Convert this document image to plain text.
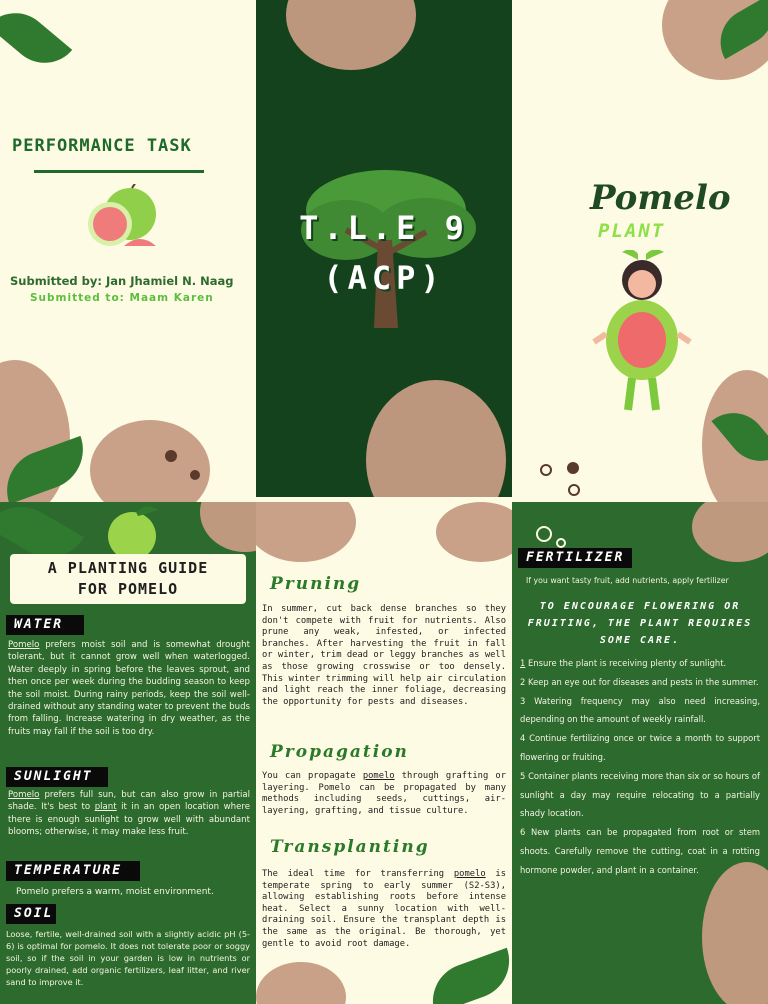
PERFORMANCE TASK
Submitted by: Jan Jhamiel N. Naag
Submitted to: Maam Karen
T.L.E 9
(ACP)
Pomelo
PLANT
A PLANTING GUIDE
FOR POMELO
WATER
Pomelo prefers moist soil and is somewhat drought tolerant, but it cannot grow well when waterlogged. Water deeply in spring before the leaves sprout, and then once per week during the budding season to keep the soil moist. During rainy periods, keep the soil well-drained without any standing water to prevent the buds from falling. Increase watering in dry weather, as the fruits may fall if the soil is too dry.
SUNLIGHT
Pomelo prefers full sun, but can also grow in partial shade. It's best to plant it in an open location where there is enough sunlight to grow well with abundant blooms; otherwise, it may make less fruit.
TEMPERATURE
Pomelo prefers a warm, moist environment.
SOIL
Loose, fertile, well-drained soil with a slightly acidic pH (5-6) is optimal for pomelo. It does not tolerate poor or soggy soil, so if the soil in your garden is low in nutrients or poorly drained, add organic fertilizers, leaf litter, and river sand to improve it.
Pruning
In summer, cut back dense branches so they don't compete with fruit for nutrients. Also prune any weak, infested, or infected branches. After harvesting the fruit in fall or winter, trim dead or leggy branches as well as those growing crosswise or too densely. This winter trimming will help air circulation and light reach the inner foliage, decreasing the opportunity for pests and diseases.
Propagation
You can propagate pomelo through grafting or layering. Pomelo can be propagated by many methods including seeds, cuttings, air-layering, grafting, and tissue culture.
Transplanting
The ideal time for transferring pomelo is temperate spring to early summer (S2-S3), allowing establishing roots before intense heat. Select a sunny location with well-draining soil. Ensure the transplant depth is the same as the original. Be thorough, yet gentle to avoid root damage.
FERTILIZER
If you want tasty fruit, add nutrients, apply fertilizer
TO ENCOURAGE FLOWERING OR FRUITING, THE PLANT REQUIRES SOME CARE.
1 Ensure the plant is receiving plenty of sunlight.
2 Keep an eye out for diseases and pests in the summer.
3 Watering frequency may also need increasing, depending on the amount of weekly rainfall.
4 Continue fertilizing once or twice a month to support flowering or fruiting.
5 Container plants receiving more than six or so hours of sunlight a day may require relocating to a partially shady location.
6 New plants can be propagated from root or stem shoots. Carefully remove the cutting, coat in a rotting hormone powder, and plant in a container.
